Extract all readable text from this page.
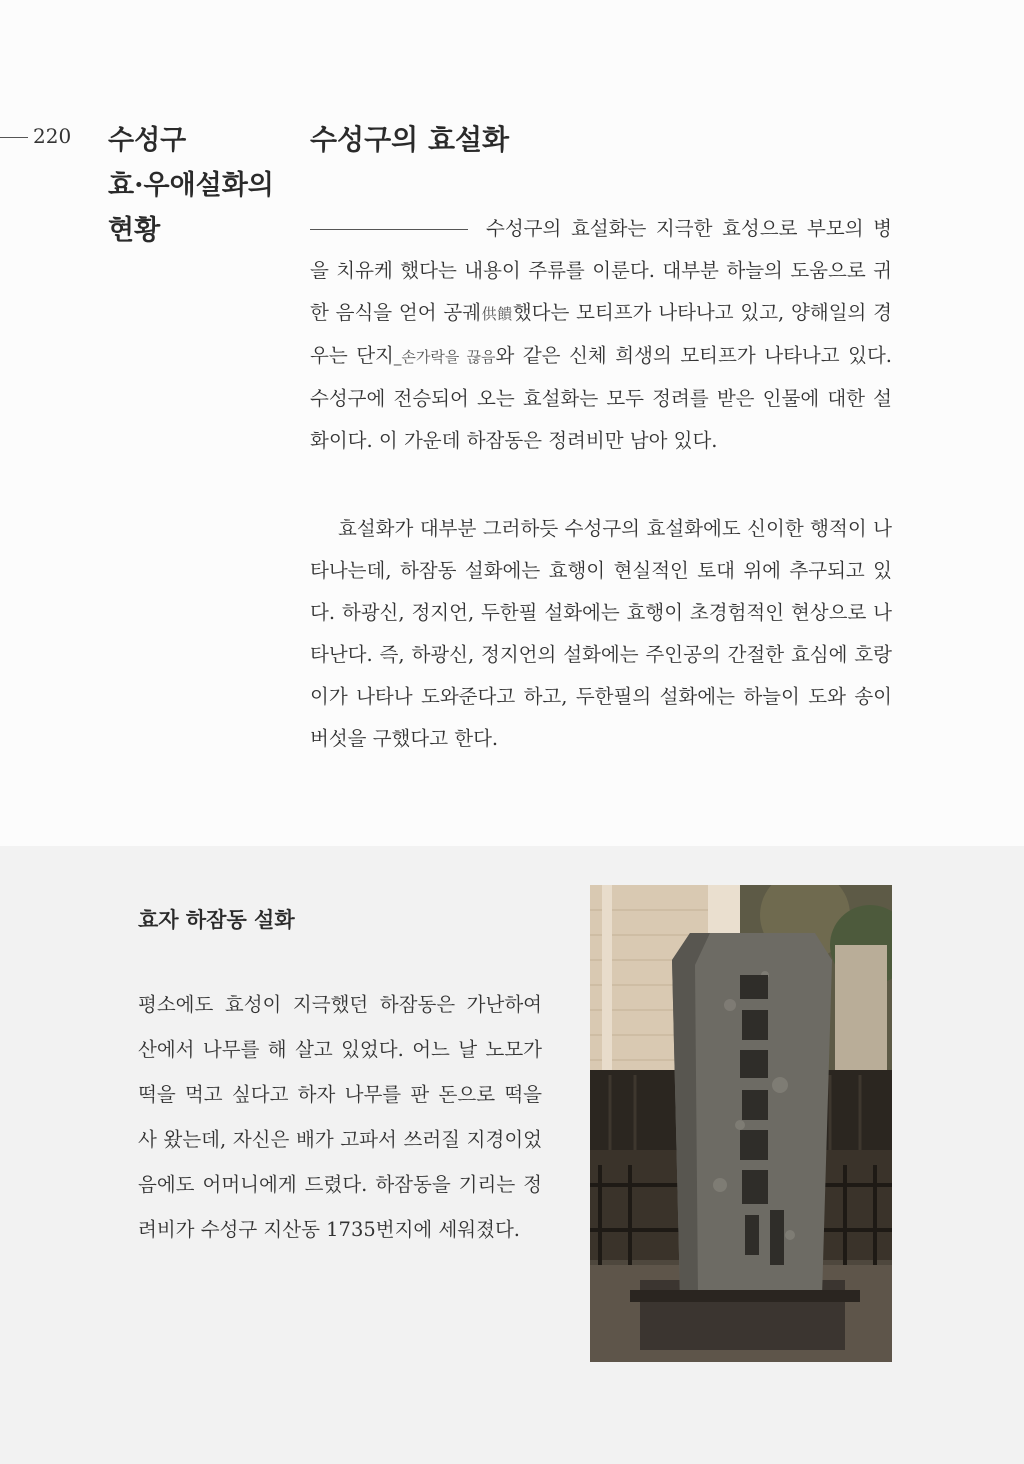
220 수성구
효·우애설화의
현황
수성구의 효설화

수성구의 효설화는 지극한 효성으로 부모의 병을 치유케 했다는 내용이 주류를 이룬다. 대부분 하늘의 도움으로 귀한 음식을 얻어 공궤供饋했다는 모티프가 나타나고 있고, 양해일의 경우는 단지_손가락을 끊음와 같은 신체 희생의 모티프가 나타나고 있다. 수성구에 전승되어 오는 효설화는 모두 정려를 받은 인물에 대한 설화이다. 이 가운데 하잠동은 정려비만 남아 있다.

효설화가 대부분 그러하듯 수성구의 효설화에도 신이한 행적이 나타나는데, 하잠동 설화에는 효행이 현실적인 토대 위에 추구되고 있다. 하광신, 정지언, 두한필 설화에는 효행이 초경험적인 현상으로 나타난다. 즉, 하광신, 정지언의 설화에는 주인공의 간절한 효심에 호랑이가 나타나 도와준다고 하고, 두한필의 설화에는 하늘이 도와 송이버섯을 구했다고 한다.

효자 하잠동 설화

평소에도 효성이 지극했던 하잠동은 가난하여 산에서 나무를 해 살고 있었다. 어느 날 노모가 떡을 먹고 싶다고 하자 나무를 판 돈으로 떡을 사 왔는데, 자신은 배가 고파서 쓰러질 지경이었음에도 어머니에게 드렸다. 하잠동을 기리는 정려비가 수성구 지산동 1735번지에 세워졌다.
